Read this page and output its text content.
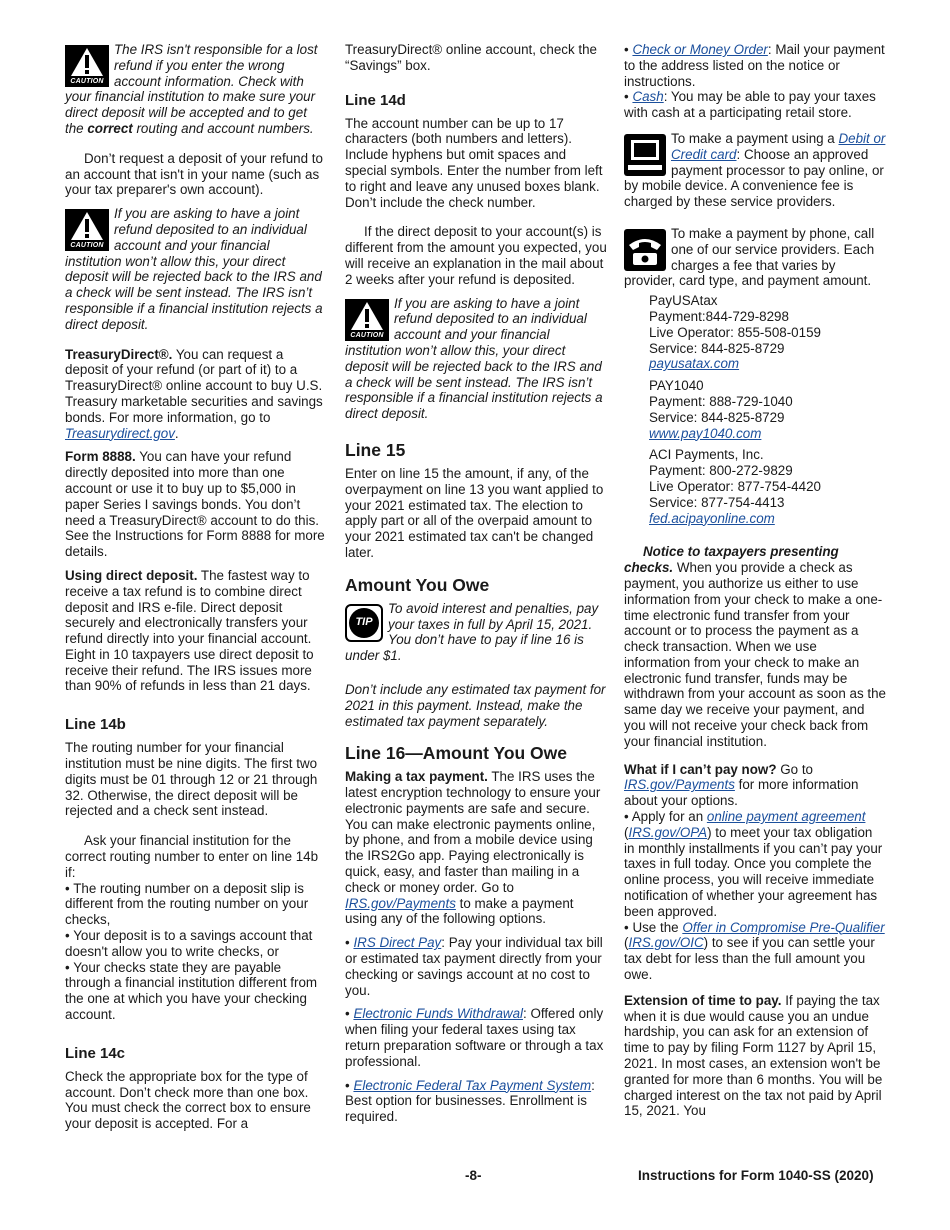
CAUTION
The IRS isn't responsible for a lost refund if you enter the wrong account information. Check with your financial institution to make sure your direct deposit will be accepted and to get the correct routing and account numbers.

Don’t request a deposit of your refund to an account that isn't in your name (such as your tax preparer's own account).

CAUTION
If you are asking to have a joint refund deposited to an individual account and your financial institution won’t allow this, your direct deposit will be rejected back to the IRS and a check will be sent instead. The IRS isn’t responsible if a financial institution rejects a direct deposit.

TreasuryDirect®. You can request a deposit of your refund (or part of it) to a TreasuryDirect® online account to buy U.S. Treasury marketable securities and savings bonds. For more information, go to Treasurydirect.gov.

Form 8888. You can have your refund directly deposited into more than one account or use it to buy up to $5,000 in paper Series I savings bonds. You don’t need a TreasuryDirect® account to do this. See the Instructions for Form 8888 for more details.

Using direct deposit. The fastest way to receive a tax refund is to combine direct deposit and IRS e-file. Direct deposit securely and electronically transfers your refund directly into your financial account. Eight in 10 taxpayers use direct deposit to receive their refund. The IRS issues more than 90% of refunds in less than 21 days.

Line 14b

The routing number for your financial institution must be nine digits. The first two digits must be 01 through 12 or 21 through 32. Otherwise, the direct deposit will be rejected and a check sent instead.

Ask your financial institution for the correct routing number to enter on line 14b if:

• The routing number on a deposit slip is different from the routing number on your checks,
• Your deposit is to a savings account that doesn't allow you to write checks, or
• Your checks state they are payable through a financial institution different from the one at which you have your checking account.
Line 14c

Check the appropriate box for the type of account. Don’t check more than one box. You must check the correct box to ensure your deposit is accepted. For a

TreasuryDirect® online account, check the “Savings” box.

Line 14d

The account number can be up to 17 characters (both numbers and letters). Include hyphens but omit spaces and special symbols. Enter the number from left to right and leave any unused boxes blank. Don’t include the check number.

If the direct deposit to your account(s) is different from the amount you expected, you will receive an explanation in the mail about 2 weeks after your refund is deposited.

CAUTION
If you are asking to have a joint refund deposited to an individual account and your financial institution won’t allow this, your direct deposit will be rejected back to the IRS and a check will be sent instead. The IRS isn’t responsible if a financial institution rejects a direct deposit.
Line 15

Enter on line 15 the amount, if any, of the overpayment on line 13 you want applied to your 2021 estimated tax. The election to apply part or all of the overpaid amount to your 2021 estimated tax can't be changed later.

Amount You Owe
TIP
To avoid interest and penalties, pay your taxes in full by April 15, 2021. You don’t have to pay if line 16 is under $1.

Don’t include any estimated tax payment for 2021 in this payment. Instead, make the estimated tax payment separately.

Line 16—Amount You Owe

Making a tax payment. The IRS uses the latest encryption technology to ensure your electronic payments are safe and secure. You can make electronic payments online, by phone, and from a mobile device using the IRS2Go app. Paying electronically is quick, easy, and faster than mailing in a check or money order. Go to IRS.gov/Payments to make a payment using any of the following options.

• IRS Direct Pay: Pay your individual tax bill or estimated tax payment directly from your checking or savings account at no cost to you.

• Electronic Funds Withdrawal: Offered only when filing your federal taxes using tax return preparation software or through a tax professional.

• Electronic Federal Tax Payment System: Best option for businesses. Enrollment is required.

• Check or Money Order: Mail your payment to the address listed on the notice or instructions.
• Cash: You may be able to pay your taxes with cash at a participating retail store.
To make a payment using a Debit or Credit card: Choose an approved payment processor to pay online, or by mobile device. A convenience fee is charged by these service providers.
To make a payment by phone, call one of our service providers. Each charges a fee that varies by provider, card type, and payment amount.
PayUSAtax
Payment:844-729-8298
Live Operator: 855-508-0159
Service: 844-825-8729
payusatax.com
PAY1040
Payment: 888-729-1040
Service: 844-825-8729
www.pay1040.com
ACI Payments, Inc.
Payment: 800-272-9829
Live Operator: 877-754-4420
Service: 877-754-4413
fed.acipayonline.com

Notice to taxpayers presenting checks. When you provide a check as payment, you authorize us either to use information from your check to make a one-time electronic fund transfer from your account or to process the payment as a check transaction. When we use information from your check to make an electronic fund transfer, funds may be withdrawn from your account as soon as the same day we receive your payment, and you will not receive your check back from your financial institution.

What if I can’t pay now? Go to IRS.gov/Payments for more information about your options.

• Apply for an online payment agreement (IRS.gov/OPA) to meet your tax obligation in monthly installments if you can’t pay your taxes in full today. Once you complete the online process, you will receive immediate notification of whether your agreement has been approved.
• Use the Offer in Compromise Pre-Qualifier (IRS.gov/OIC) to see if you can settle your tax debt for less than the full amount you owe.

Extension of time to pay. If paying the tax when it is due would cause you an undue hardship, you can ask for an extension of time to pay by filing Form 1127 by April 15, 2021. In most cases, an extension won't be granted for more than 6 months. You will be charged interest on the tax not paid by April 15, 2021. You

-8-	Instructions for Form 1040-SS (2020)
